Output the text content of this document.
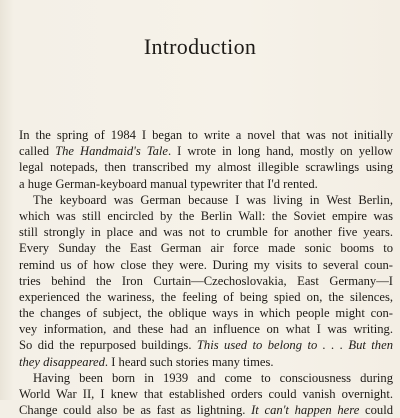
Introduction
In the spring of 1984 I began to write a novel that was not initially
called The Handmaid's Tale. I wrote in long hand, mostly on yellow
legal notepads, then transcribed my almost illegible scrawlings using
a huge German-keyboard manual typewriter that I'd rented.
The keyboard was German because I was living in West Berlin,
which was still encircled by the Berlin Wall: the Soviet empire was
still strongly in place and was not to crumble for another five years.
Every Sunday the East German air force made sonic booms to
remind us of how close they were. During my visits to several coun-
tries behind the Iron Curtain—Czechoslovakia, East Germany—I
experienced the wariness, the feeling of being spied on, the silences,
the changes of subject, the oblique ways in which people might con-
vey information, and these had an influence on what I was writing.
So did the repurposed buildings. This used to belong to . . . But then
they disappeared. I heard such stories many times.
Having been born in 1939 and come to consciousness during
World War II, I knew that established orders could vanish overnight.
Change could also be as fast as lightning. It can't happen here could
